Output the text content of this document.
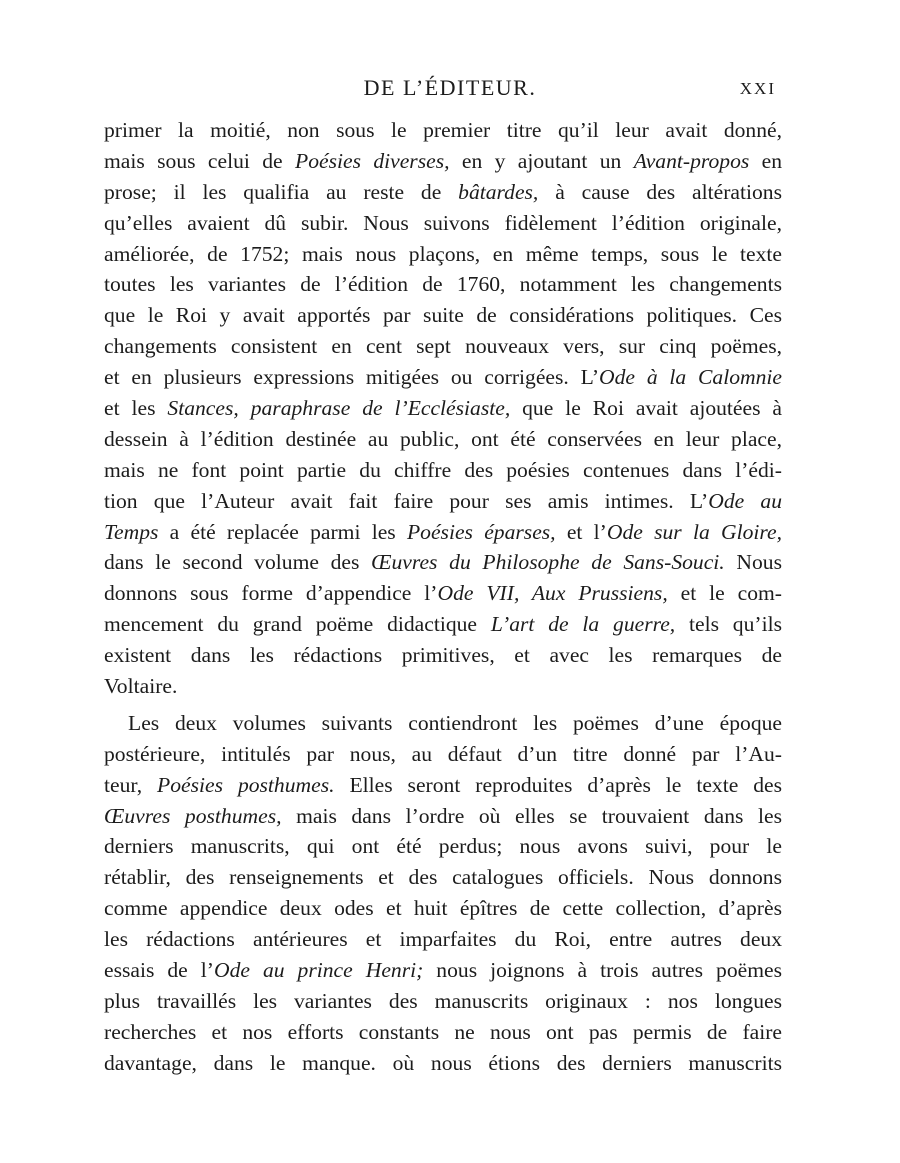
DE L’ÉDITEUR.	XXI
primer la moitié, non sous le premier titre qu’il leur avait donné,
mais sous celui de Poésies diverses, en y ajoutant un Avant-propos en
prose; il les qualifia au reste de bâtardes, à cause des altérations
qu’elles avaient dû subir. Nous suivons fidèlement l’édition originale,
améliorée, de 1752; mais nous plaçons, en même temps, sous le texte
toutes les variantes de l’édition de 1760, notamment les changements
que le Roi y avait apportés par suite de considérations politiques. Ces
changements consistent en cent sept nouveaux vers, sur cinq poëmes,
et en plusieurs expressions mitigées ou corrigées. L’Ode à la Calomnie
et les Stances, paraphrase de l’Ecclésiaste, que le Roi avait ajoutées à
dessein à l’édition destinée au public, ont été conservées en leur place,
mais ne font point partie du chiffre des poésies contenues dans l’édi-
tion que l’Auteur avait fait faire pour ses amis intimes. L’Ode au
Temps a été replacée parmi les Poésies éparses, et l’Ode sur la Gloire,
dans le second volume des Œuvres du Philosophe de Sans-Souci. Nous
donnons sous forme d’appendice l’Ode VII, Aux Prussiens, et le com-
mencement du grand poëme didactique L’art de la guerre, tels qu’ils
existent dans les rédactions primitives, et avec les remarques de
Voltaire.
Les deux volumes suivants contiendront les poëmes d’une époque
postérieure, intitulés par nous, au défaut d’un titre donné par l’Au-
teur, Poésies posthumes. Elles seront reproduites d’après le texte des
Œuvres posthumes, mais dans l’ordre où elles se trouvaient dans les
derniers manuscrits, qui ont été perdus; nous avons suivi, pour le
rétablir, des renseignements et des catalogues officiels. Nous donnons
comme appendice deux odes et huit épîtres de cette collection, d’après
les rédactions antérieures et imparfaites du Roi, entre autres deux
essais de l’Ode au prince Henri; nous joignons à trois autres poëmes
plus travaillés les variantes des manuscrits originaux : nos longues
recherches et nos efforts constants ne nous ont pas permis de faire
davantage, dans le manque. où nous étions des derniers manuscrits
